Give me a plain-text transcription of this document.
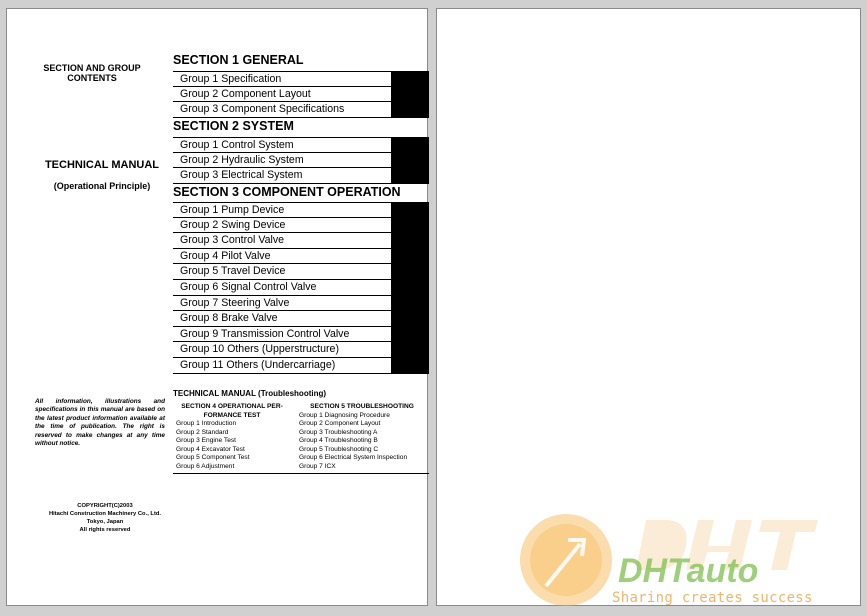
SECTION AND GROUP CONTENTS
TECHNICAL MANUAL
(Operational Principle)
All information, illustrations and specifications in this manual are based on the latest product information available at the time of publication. The right is reserved to make changes at any time without notice.
COPYRIGHT(C)2003
Hitachi Construction Machinery Co., Ltd.
Tokyo, Japan
All rights reserved
SECTION 1 GENERAL
Group 1 Specification
Group 2 Component Layout
Group 3 Component Specifications
SECTION 2 SYSTEM
Group 1 Control System
Group 2 Hydraulic System
Group 3 Electrical System
SECTION 3 COMPONENT OPERATION
Group 1 Pump Device
Group 2 Swing Device
Group 3 Control Valve
Group 4 Pilot Valve
Group 5 Travel Device
Group 6 Signal Control Valve
Group 7 Steering Valve
Group 8 Brake Valve
Group 9 Transmission Control Valve
Group 10 Others (Upperstructure)
Group 11 Others (Undercarriage)
TECHNICAL MANUAL (Troubleshooting)
SECTION 4 OPERATIONAL PER-FORMANCE TEST
Group 1 Introduction
Group 2 Standard
Group 3 Engine Test
Group 4 Excavator Test
Group 5 Component Test
Group 6 Adjustment
SECTION 5 TROUBLESHOOTING
Group 1 Diagnosing Procedure
Group 2 Component Layout
Group 3 Troubleshooting A
Group 4 Troubleshooting B
Group 5 Troubleshooting C
Group 6 Electrical System Inspection
Group 7 ICX
DHTauto
Sharing creates success
